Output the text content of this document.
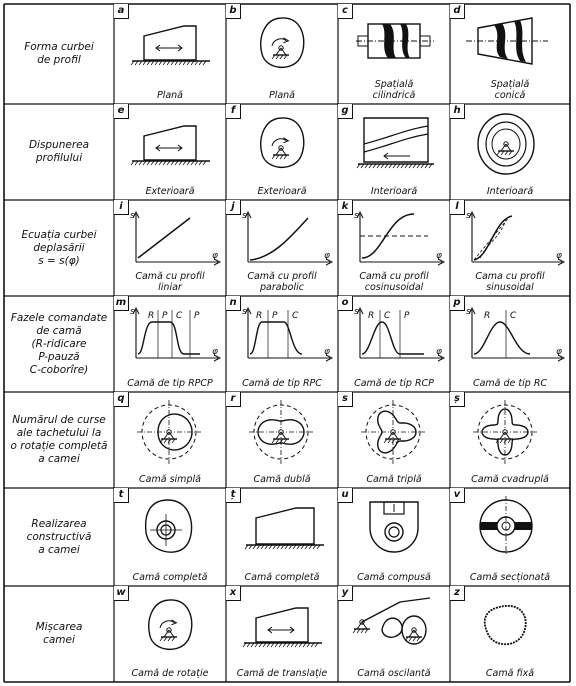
Forma curbei
de profil
a
Plană
b
Plană
c
Spațială
cilindrică
d
Spațială
conică
Dispunerea
profilului
e
Exterioară
f
Exterioară
g
Interioară
h
Interioară
Ecuația curbei
deplasării
s = s(φ)
s
φ
i
Camă cu profil
liniar
s
φ
j
Camă cu profil
parabolic
s
φ
k
Camă cu profil
cosinusoidal
s
φ
l
Cama cu profil
sinusoidal
Fazele comandate
de camă
(R-ridicare
P-pauză
C-coborîre)
s
φ
R P C P
m
Camă de tip RPCP
s
φ
R P C
n
Camă de tip RPC
s
φ
R C P
o
Camă de tip RCP
s
φ
R C
p
Camă de tip RC
Numărul de curse
ale tachetului la
o rotație completă
a camei
q
Camă simplă
r
Camă dublă
s
Camă triplă
ș
Camă cvadruplă
Realizarea
constructivă
a camei
t
Camă completă
ț
Camă completă
u
Camă compusă
v
Camă secționată
Mișcarea
camei
w
Camă de rotație
x
Camă de translație
y
Camă oscilantă
z
Camă fixă
